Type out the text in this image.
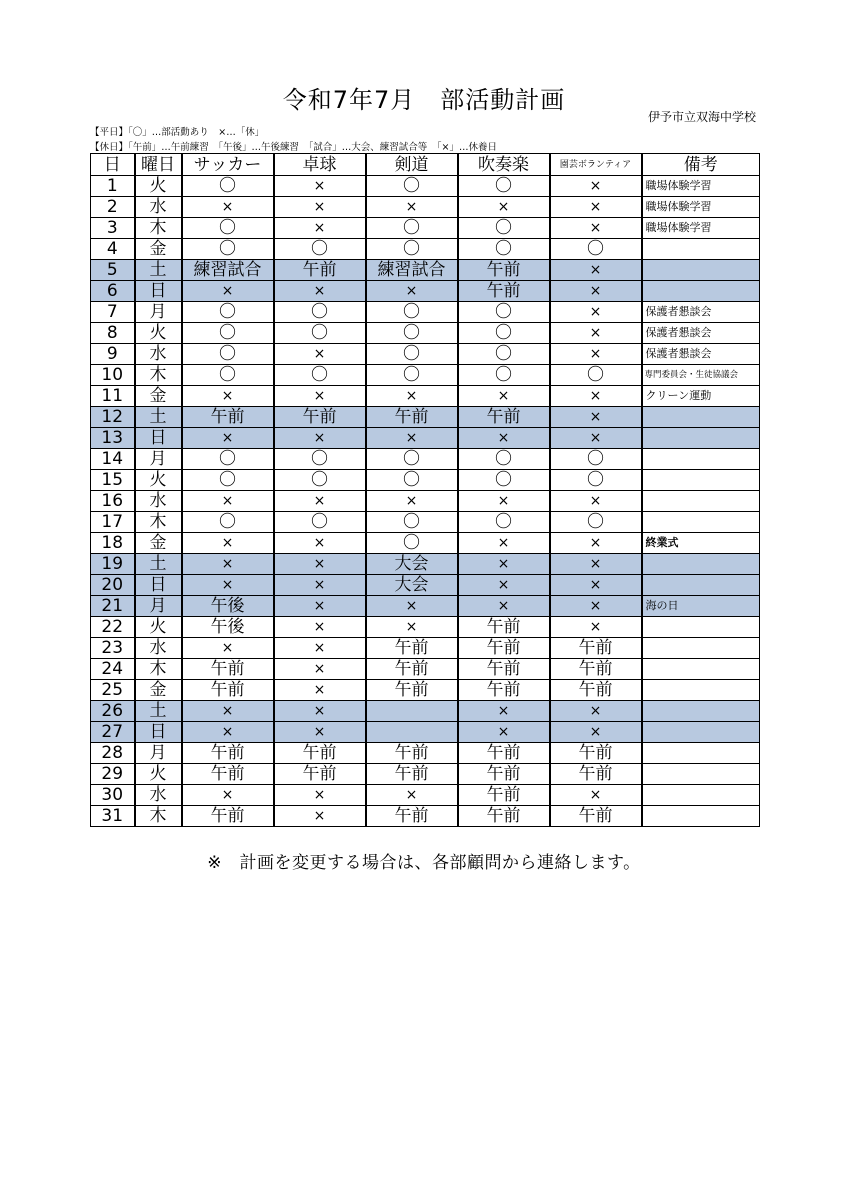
令和7年7月　部活動計画
伊予市立双海中学校
【平日】「〇」…部活動あり　×…「休」
【休日】「午前」…午前練習　「午後」…午後練習　「試合」…大会、練習試合等　「×」…休養日
日	曜日	サッカー	卓球	剣道	吹奏楽	園芸ボランティア	備考
1	火	〇	×	〇	〇	×	職場体験学習
2	水	×	×	×	×	×	職場体験学習
3	木	〇	×	〇	〇	×	職場体験学習
4	金	〇	〇	〇	〇	〇	
5	土	練習試合	午前	練習試合	午前	×	
6	日	×	×	×	午前	×	
7	月	〇	〇	〇	〇	×	保護者懇談会
8	火	〇	〇	〇	〇	×	保護者懇談会
9	水	〇	×	〇	〇	×	保護者懇談会
10	木	〇	〇	〇	〇	〇	専門委員会・生徒協議会
11	金	×	×	×	×	×	クリーン運動
12	土	午前	午前	午前	午前	×	
13	日	×	×	×	×	×	
14	月	〇	〇	〇	〇	〇	
15	火	〇	〇	〇	〇	〇	
16	水	×	×	×	×	×	
17	木	〇	〇	〇	〇	〇	
18	金	×	×	〇	×	×	終業式
19	土	×	×	大会	×	×	
20	日	×	×	大会	×	×	
21	月	午後	×	×	×	×	海の日
22	火	午後	×	×	午前	×	
23	水	×	×	午前	午前	午前	
24	木	午前	×	午前	午前	午前	
25	金	午前	×	午前	午前	午前	
26	土	×	×		×	×	
27	日	×	×		×	×	
28	月	午前	午前	午前	午前	午前	
29	火	午前	午前	午前	午前	午前	
30	水	×	×	×	午前	×	
31	木	午前	×	午前	午前	午前	
※　計画を変更する場合は、各部顧問から連絡します。
